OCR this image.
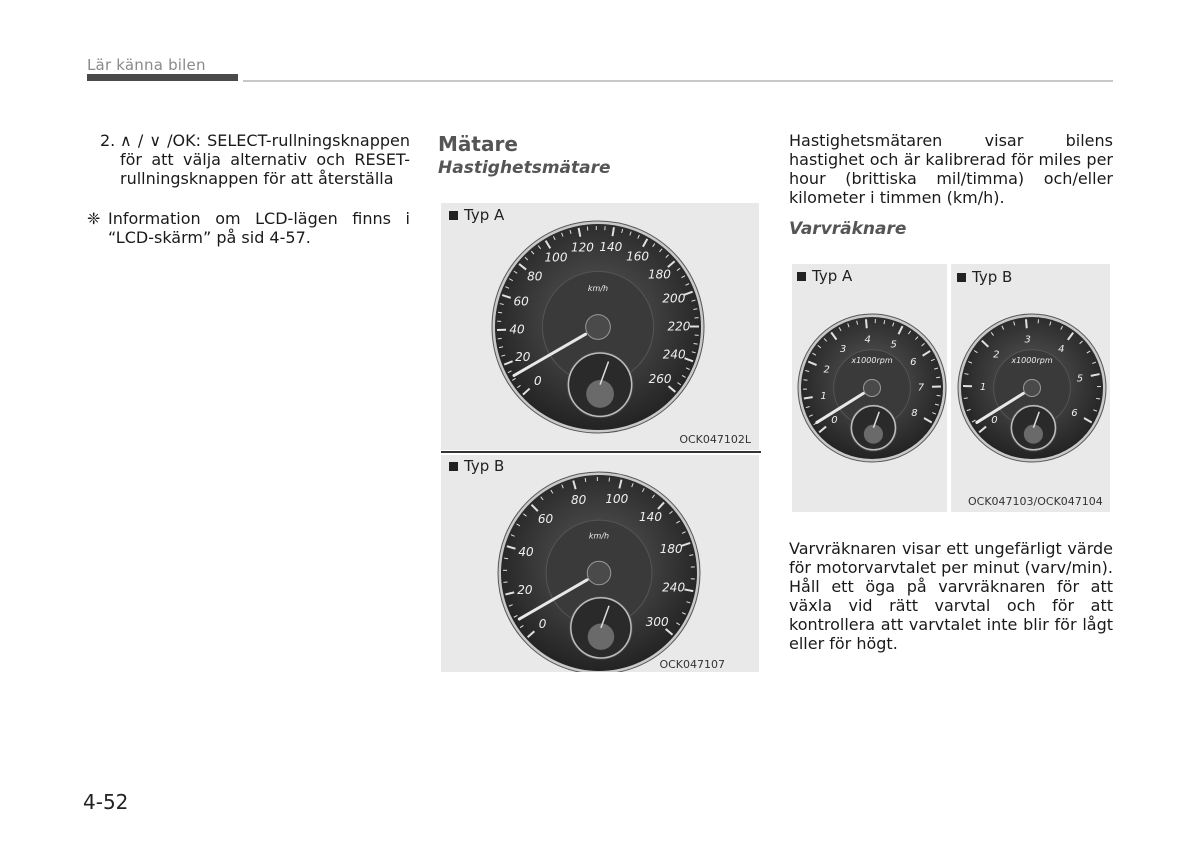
Lär känna bilen
2. ∧ / ∨ /OK: SELECT-rullningsknappen för att välja alternativ och RESET-rullningsknappen för att återställa
❈ Information om LCD-lägen finns i “LCD-skärm” på sid 4-57.
Mätare
Hastighetsmätare
Typ A
0
20
40
60
80
100
120 140
160
180
200
220
240
260
km/h
OCK047102L
Typ B
0
20
40
60
80 100
140
180
240
300
km/h
OCK047107
Hastighetsmätaren visar bilens hastighet och är kalibrerad för miles per hour (brittiska mil/timma) och/eller kilometer i timmen (km/h).
Varvräknare
Typ A	Typ B
0
1
2
3
4 5
6
7
8
x1000rpm
0
1
2
3
4
5
6
x1000rpm
OCK047103/OCK047104
Varvräknaren visar ett ungefärligt värde för motorvarvtalet per minut (varv/min).
Håll ett öga på varvräknaren för att växla vid rätt varvtal och för att kontrollera att varvtalet inte blir för lågt eller för högt.
4-52
